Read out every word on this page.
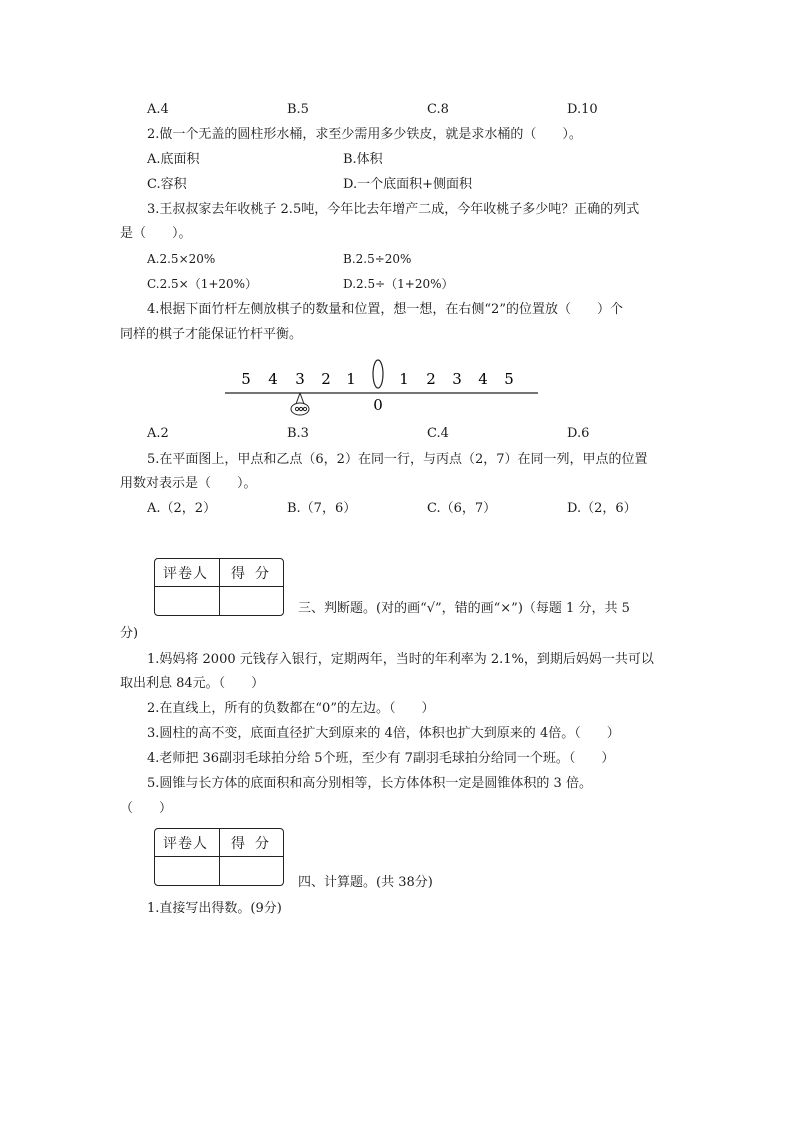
A.4	B.5	C.8	D.10
2.做一个无盖的圆柱形水桶，求至少需用多少铁皮，就是求水桶的（　　）。
A.底面积	B.体积
C.容积	D.一个底面积+侧面积
3.王叔叔家去年收桃子 2.5吨，今年比去年增产二成，今年收桃子多少吨？正确的列式
是（　　）。
A.2.5×20%	B.2.5÷20%
C.2.5×（1+20%）	D.2.5÷（1+20%）
4.根据下面竹杆左侧放棋子的数量和位置，想一想，在右侧“2”的位置放（　　）个
同样的棋子才能保证竹杆平衡。
5 4 3 2 1
0
1 2 3 4 5
A.2	B.3	C.4	D.6
5.在平面图上，甲点和乙点（6，2）在同一行，与丙点（2，7）在同一列，甲点的位置
用数对表示是（　　）。
A.（2，2）	B.（7，6）	C.（6，7）	D.（2，6）
评卷人 得分
三、判断题。(对的画“√”，错的画“×”)（每题 1 分，共 5
分)
1.妈妈将 2000 元钱存入银行，定期两年，当时的年利率为 2.1%，到期后妈妈一共可以
取出利息 84元。（　　）
2.在直线上，所有的负数都在“0”的左边。（　　）
3.圆柱的高不变，底面直径扩大到原来的 4倍，体积也扩大到原来的 4倍。（　　）
4.老师把 36副羽毛球拍分给 5个班，至少有 7副羽毛球拍分给同一个班。（　　）
5.圆锥与长方体的底面积和高分别相等，长方体体积一定是圆锥体积的 3 倍。
（　　）
评卷人 得分
四、计算题。(共 38分)
1.直接写出得数。(9分)
